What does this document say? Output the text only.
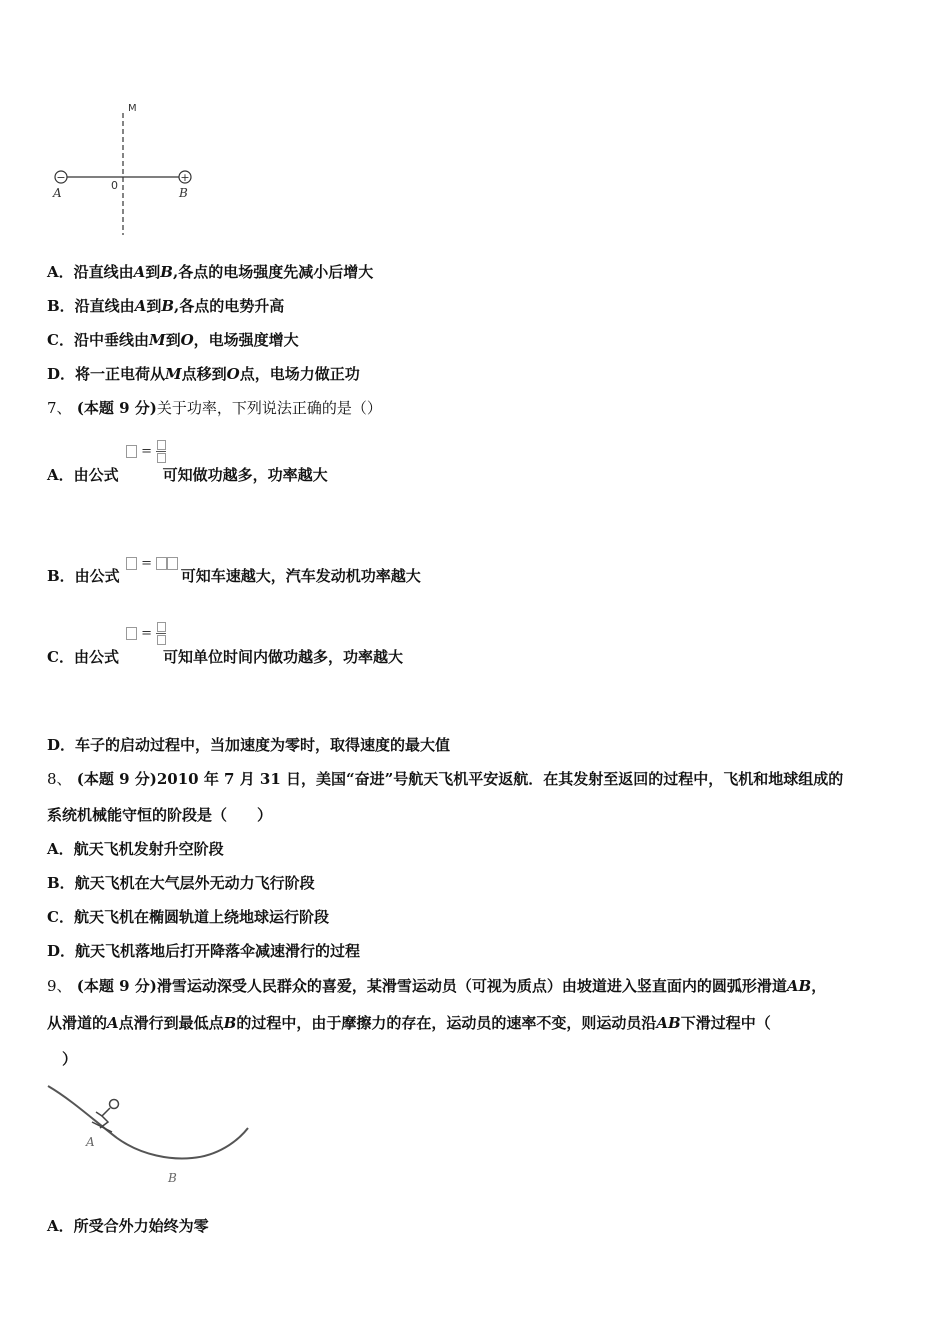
−	+
M
0
A	B
A．沿直线由A到B,各点的电场强度先减小后增大
B．沿直线由A到B,各点的电势升高
C．沿中垂线由M到O，电场强度增大
D．将一正电荷从M点移到O点，电场力做正功
7、 (本题 9 分)关于功率，下列说法正确的是（）
=
A．由公式	可知做功越多，功率越大
=
B．由公式	可知车速越大，汽车发动机功率越大
=
C．由公式	可知单位时间内做功越多，功率越大
D．车子的启动过程中，当加速度为零时，取得速度的最大值
8、 (本题 9 分)2010 年 7 月 31 日，美国“奋进”号航天飞机平安返航．在其发射至返回的过程中，飞机和地球组成的
系统机械能守恒的阶段是（　　）
A．航天飞机发射升空阶段
B．航天飞机在大气层外无动力飞行阶段
C．航天飞机在椭圆轨道上绕地球运行阶段
D．航天飞机落地后打开降落伞减速滑行的过程
9、 (本题 9 分)滑雪运动深受人民群众的喜爱，某滑雪运动员（可视为质点）由坡道进入竖直面内的圆弧形滑道AB，
从滑道的A点滑行到最低点B的过程中，由于摩擦力的存在，运动员的速率不变，则运动员沿AB下滑过程中（
）
A
B
A．所受合外力始终为零
